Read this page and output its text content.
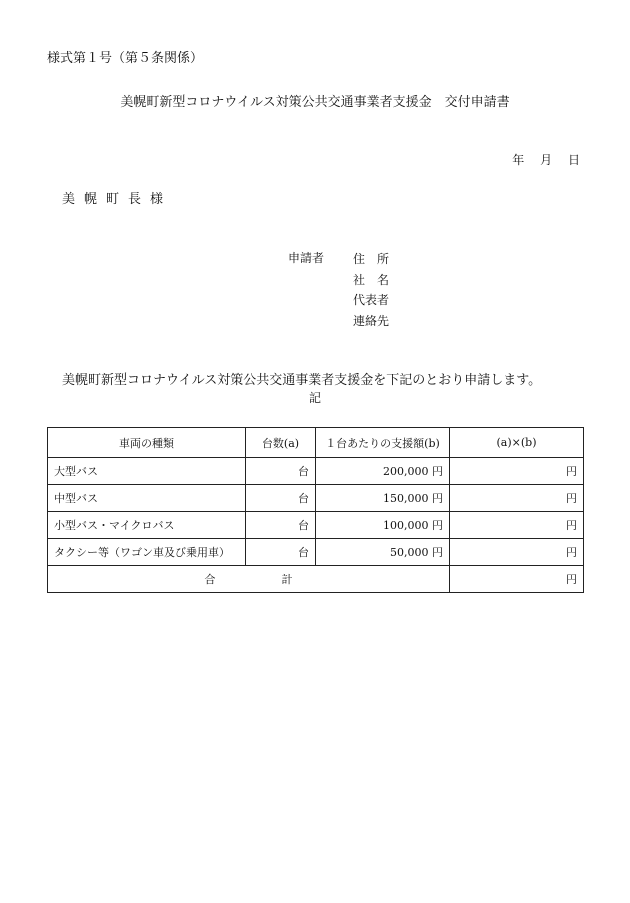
様式第１号（第５条関係）
美幌町新型コロナウイルス対策公共交通事業者支援金　交付申請書
年 月 日
美幌町長様
申請者 住　所
社　名
代表者
連絡先
美幌町新型コロナウイルス対策公共交通事業者支援金を下記のとおり申請します。
記
車両の種類	台数(a)	１台あたりの支援額(b)	(a)×(b)
大型バス	台	200,000 円	円
中型バス	台	150,000 円	円
小型バス・マイクロバス	台	100,000 円	円
タクシー等（ワゴン車及び乗用車）	台	50,000 円	円
合 計			円
